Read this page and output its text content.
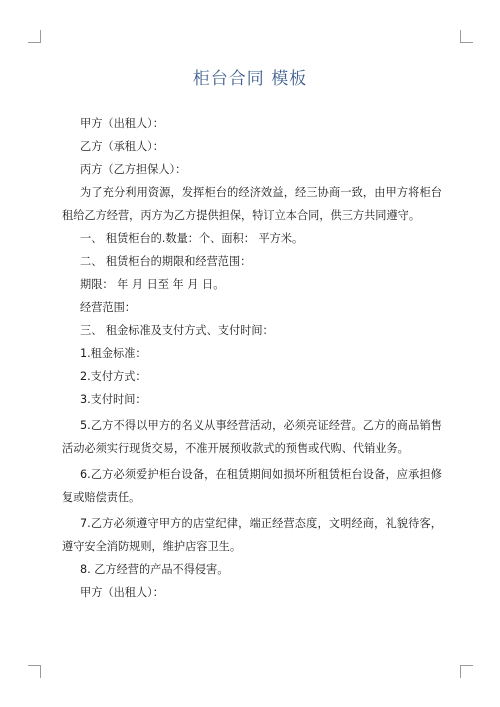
柜台合同 模板
甲方（出租人）：
乙方（承租人）：
丙方（乙方担保人）：
为了充分利用资源，发挥柜台的经济效益，经三协商一致，由甲方将柜台租给乙方经营，丙方为乙方提供担保，特订立本合同，供三方共同遵守。
一、 租赁柜台的.数量：个、面积： 平方米。
二、 租赁柜台的期限和经营范围：
期限： 年 月 日至 年 月 日。
经营范围：
三、 租金标准及支付方式、支付时间：
1.租金标准：
2.支付方式：
3.支付时间：
5.乙方不得以甲方的名义从事经营活动，必须亮证经营。乙方的商品销售活动必须实行现货交易，不准开展预收款式的预售或代购、代销业务。
6.乙方必须爱护柜台设备，在租赁期间如损坏所租赁柜台设备，应承担修复或赔偿责任。
7.乙方必须遵守甲方的店堂纪律，端正经营态度，文明经商，礼貌待客，遵守安全消防规则，维护店容卫生。
8. 乙方经营的产品不得侵害。
甲方（出租人）：
